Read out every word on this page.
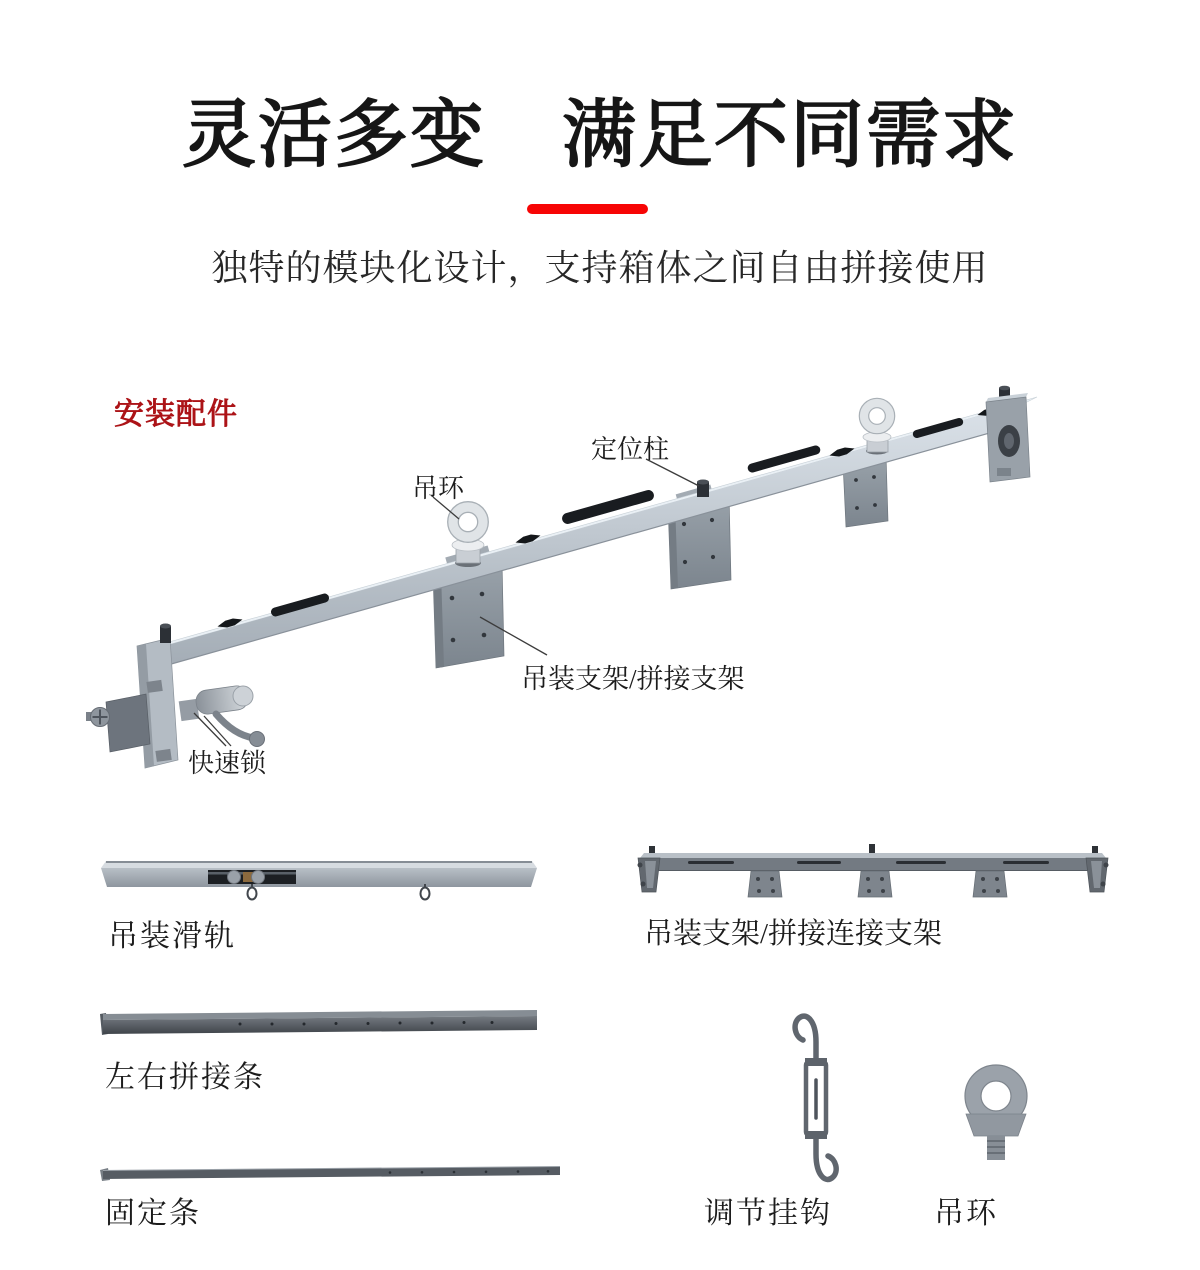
灵活多变　满足不同需求
独特的模块化设计，支持箱体之间自由拼接使用
安装配件
吊环
定位柱
吊装支架/拼接支架
快速锁
吊装滑轨	吊装支架/拼接连接支架
左右拼接条
固定条	调节挂钩	吊环
